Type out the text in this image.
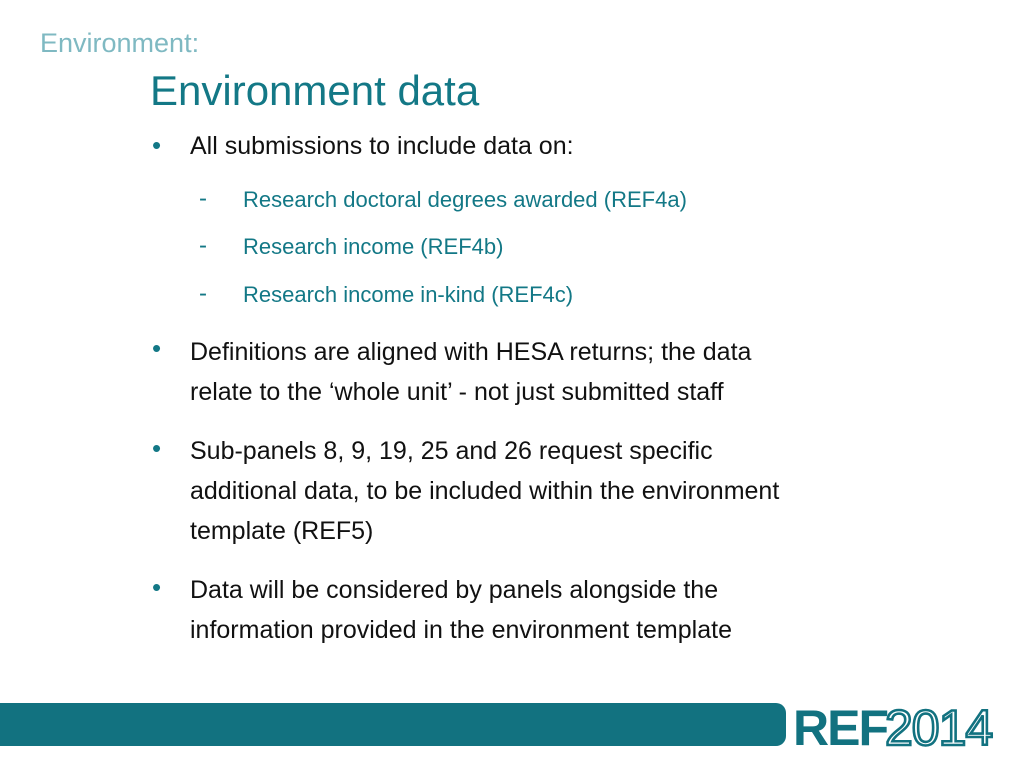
Environment:
Environment data
• All submissions to include data on:
- Research doctoral degrees awarded (REF4a)
- Research income (REF4b)
- Research income in-kind (REF4c)
• Definitions are aligned with HESA returns; the data
relate to the ‘whole unit’ - not just submitted staff
• Sub-panels 8, 9, 19, 25 and 26 request specific
additional data, to be included within the environment
template (REF5)
• Data will be considered by panels alongside the
information provided in the environment template
REF
2014
